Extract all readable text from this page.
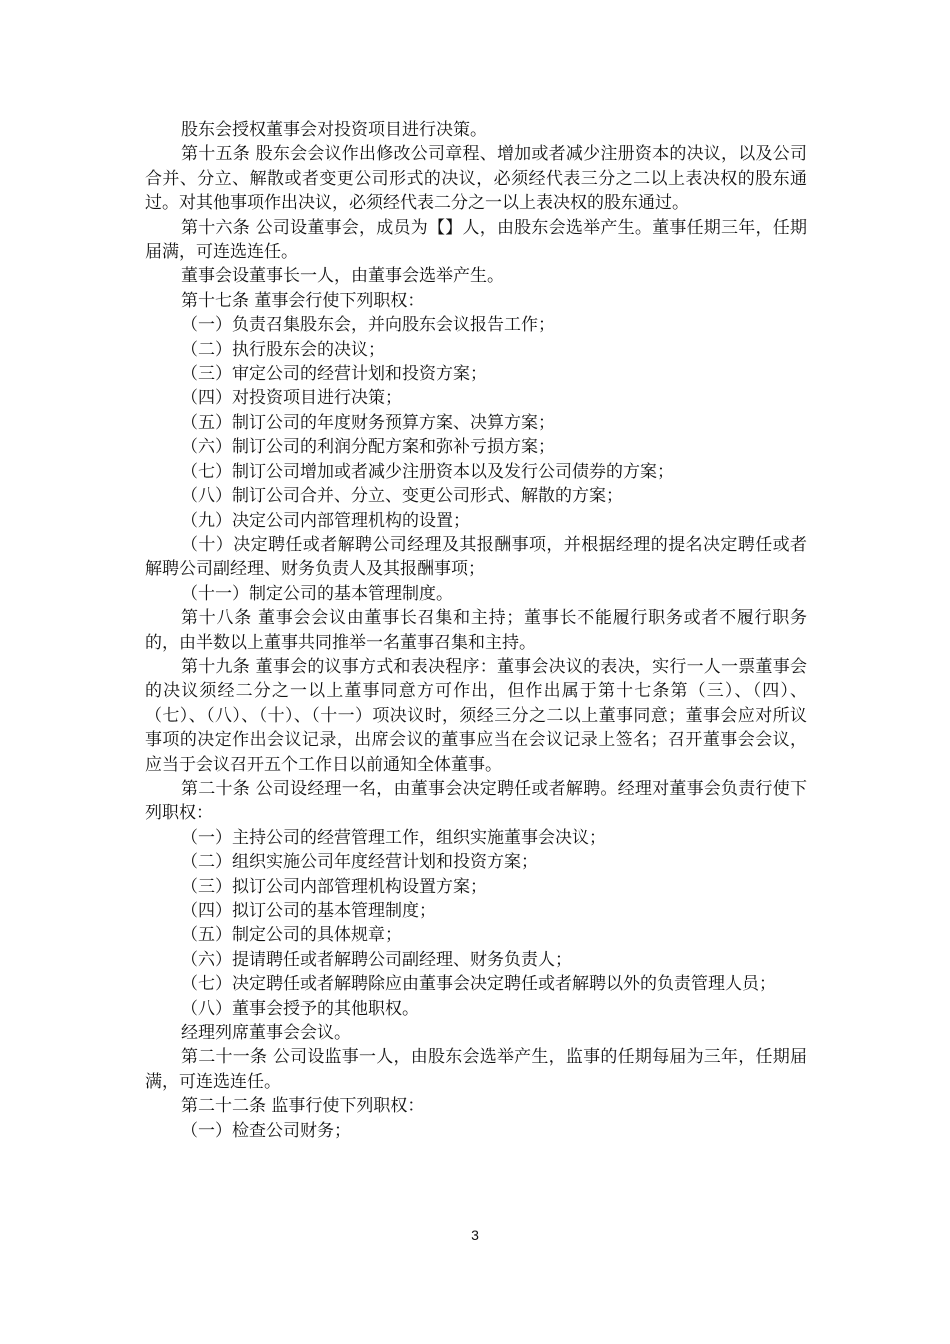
股东会授权董事会对投资项目进行决策。

第十五条 股东会会议作出修改公司章程、增加或者减少注册资本的决议，以及公司合并、分立、解散或者变更公司形式的决议，必须经代表三分之二以上表决权的股东通过。对其他事项作出决议，必须经代表二分之一以上表决权的股东通过。

第十六条 公司设董事会，成员为【】人，由股东会选举产生。董事任期三年，任期届满，可连选连任。

董事会设董事长一人，由董事会选举产生。

第十七条 董事会行使下列职权：

（一）负责召集股东会，并向股东会议报告工作；

（二）执行股东会的决议；

（三）审定公司的经营计划和投资方案；

（四）对投资项目进行决策；

（五）制订公司的年度财务预算方案、决算方案；

（六）制订公司的利润分配方案和弥补亏损方案；

（七）制订公司增加或者减少注册资本以及发行公司债券的方案；

（八）制订公司合并、分立、变更公司形式、解散的方案；

（九）决定公司内部管理机构的设置；

（十）决定聘任或者解聘公司经理及其报酬事项，并根据经理的提名决定聘任或者解聘公司副经理、财务负责人及其报酬事项；

（十一）制定公司的基本管理制度。

第十八条 董事会会议由董事长召集和主持；董事长不能履行职务或者不履行职务的，由半数以上董事共同推举一名董事召集和主持。

第十九条 董事会的议事方式和表决程序：董事会决议的表决，实行一人一票董事会的决议须经二分之一以上董事同意方可作出，但作出属于第十七条第（三）、（四）、（七）、（八）、（十）、（十一）项决议时，须经三分之二以上董事同意；董事会应对所议事项的决定作出会议记录，出席会议的董事应当在会议记录上签名；召开董事会会议，应当于会议召开五个工作日以前通知全体董事。

第二十条 公司设经理一名，由董事会决定聘任或者解聘。经理对董事会负责行使下列职权：

（一）主持公司的经营管理工作，组织实施董事会决议；

（二）组织实施公司年度经营计划和投资方案；

（三）拟订公司内部管理机构设置方案；

（四）拟订公司的基本管理制度；

（五）制定公司的具体规章；

（六）提请聘任或者解聘公司副经理、财务负责人；

（七）决定聘任或者解聘除应由董事会决定聘任或者解聘以外的负责管理人员；

（八）董事会授予的其他职权。

经理列席董事会会议。

第二十一条 公司设监事一人，由股东会选举产生，监事的任期每届为三年，任期届满，可连选连任。

第二十二条 监事行使下列职权：

（一）检查公司财务；

3
